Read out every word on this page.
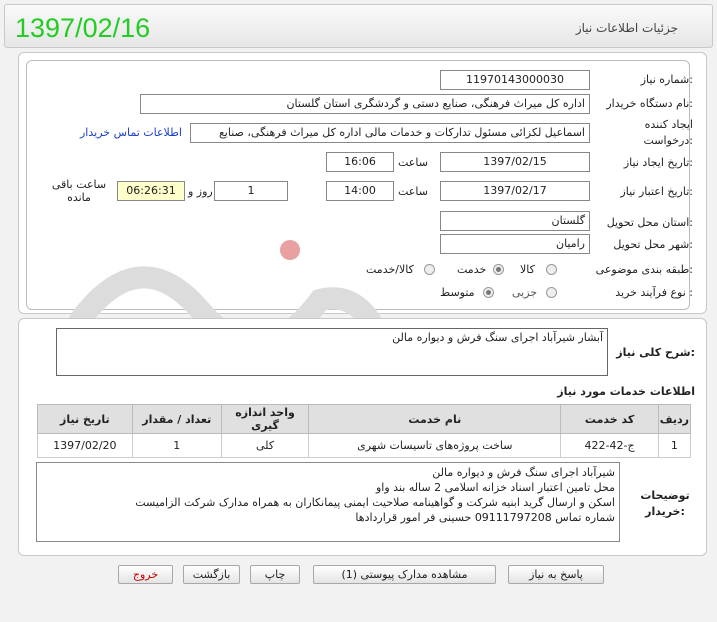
1397/02/16	جزئیات اطلاعات نیاز
شماره نیاز:
1197014300003​0
نام دستگاه خریدار:
اداره کل میراث فرهنگی، صنایع دستی و گردشگری استان گلستان
ایجاد کننده درخواست:
اسماعیل لکزائی مسئول تدارکات و خدمات مالی اداره کل میراث فرهنگی، صنایع
اطلاعات تماس خریدار
تاریخ ایجاد نیاز:
1397/02/15
ساعت
16:06
تاریخ اعتبار نیاز:
1397/02/17
ساعت
14:00
1
روز و
06:26:31
ساعت باقی مانده
استان محل تحویل:
گلستان
شهر محل تحویل:
رامیان
طبقه بندی موضوعی:
کالا
خدمت
کالا/خدمت
نوع فرآیند خرید :
جزیی
متوسط
شرح کلی نیاز:
آبشار شیرآباد اجرای سنگ فرش و دیواره مالن
اطلاعات خدمات مورد نیاز
ردیف	کد خدمت	نام خدمت	واحد اندازه گیری	تعداد / مقدار	تاریخ نیاز
1	ج-42-422	ساخت پروژه‌های تاسیسات شهری	کلی	1	1397/02/20
توضیحات خریدار:
شیرآباد اجرای سنگ فرش و دیواره مالن
محل تامین اعتبار اسناد خزانه اسلامی 2 ساله بند واو
اسکن و ارسال گرید ابنیه شرکت و گواهینامه صلاحیت ایمنی پیمانکاران به همراه مدارک شرکت الزامیست
شماره تماس 09111797208 حسینی فر امور قراردادها
پاسخ به نیاز
مشاهده مدارک پیوستی (1)
چاپ
بازگشت
خروج
